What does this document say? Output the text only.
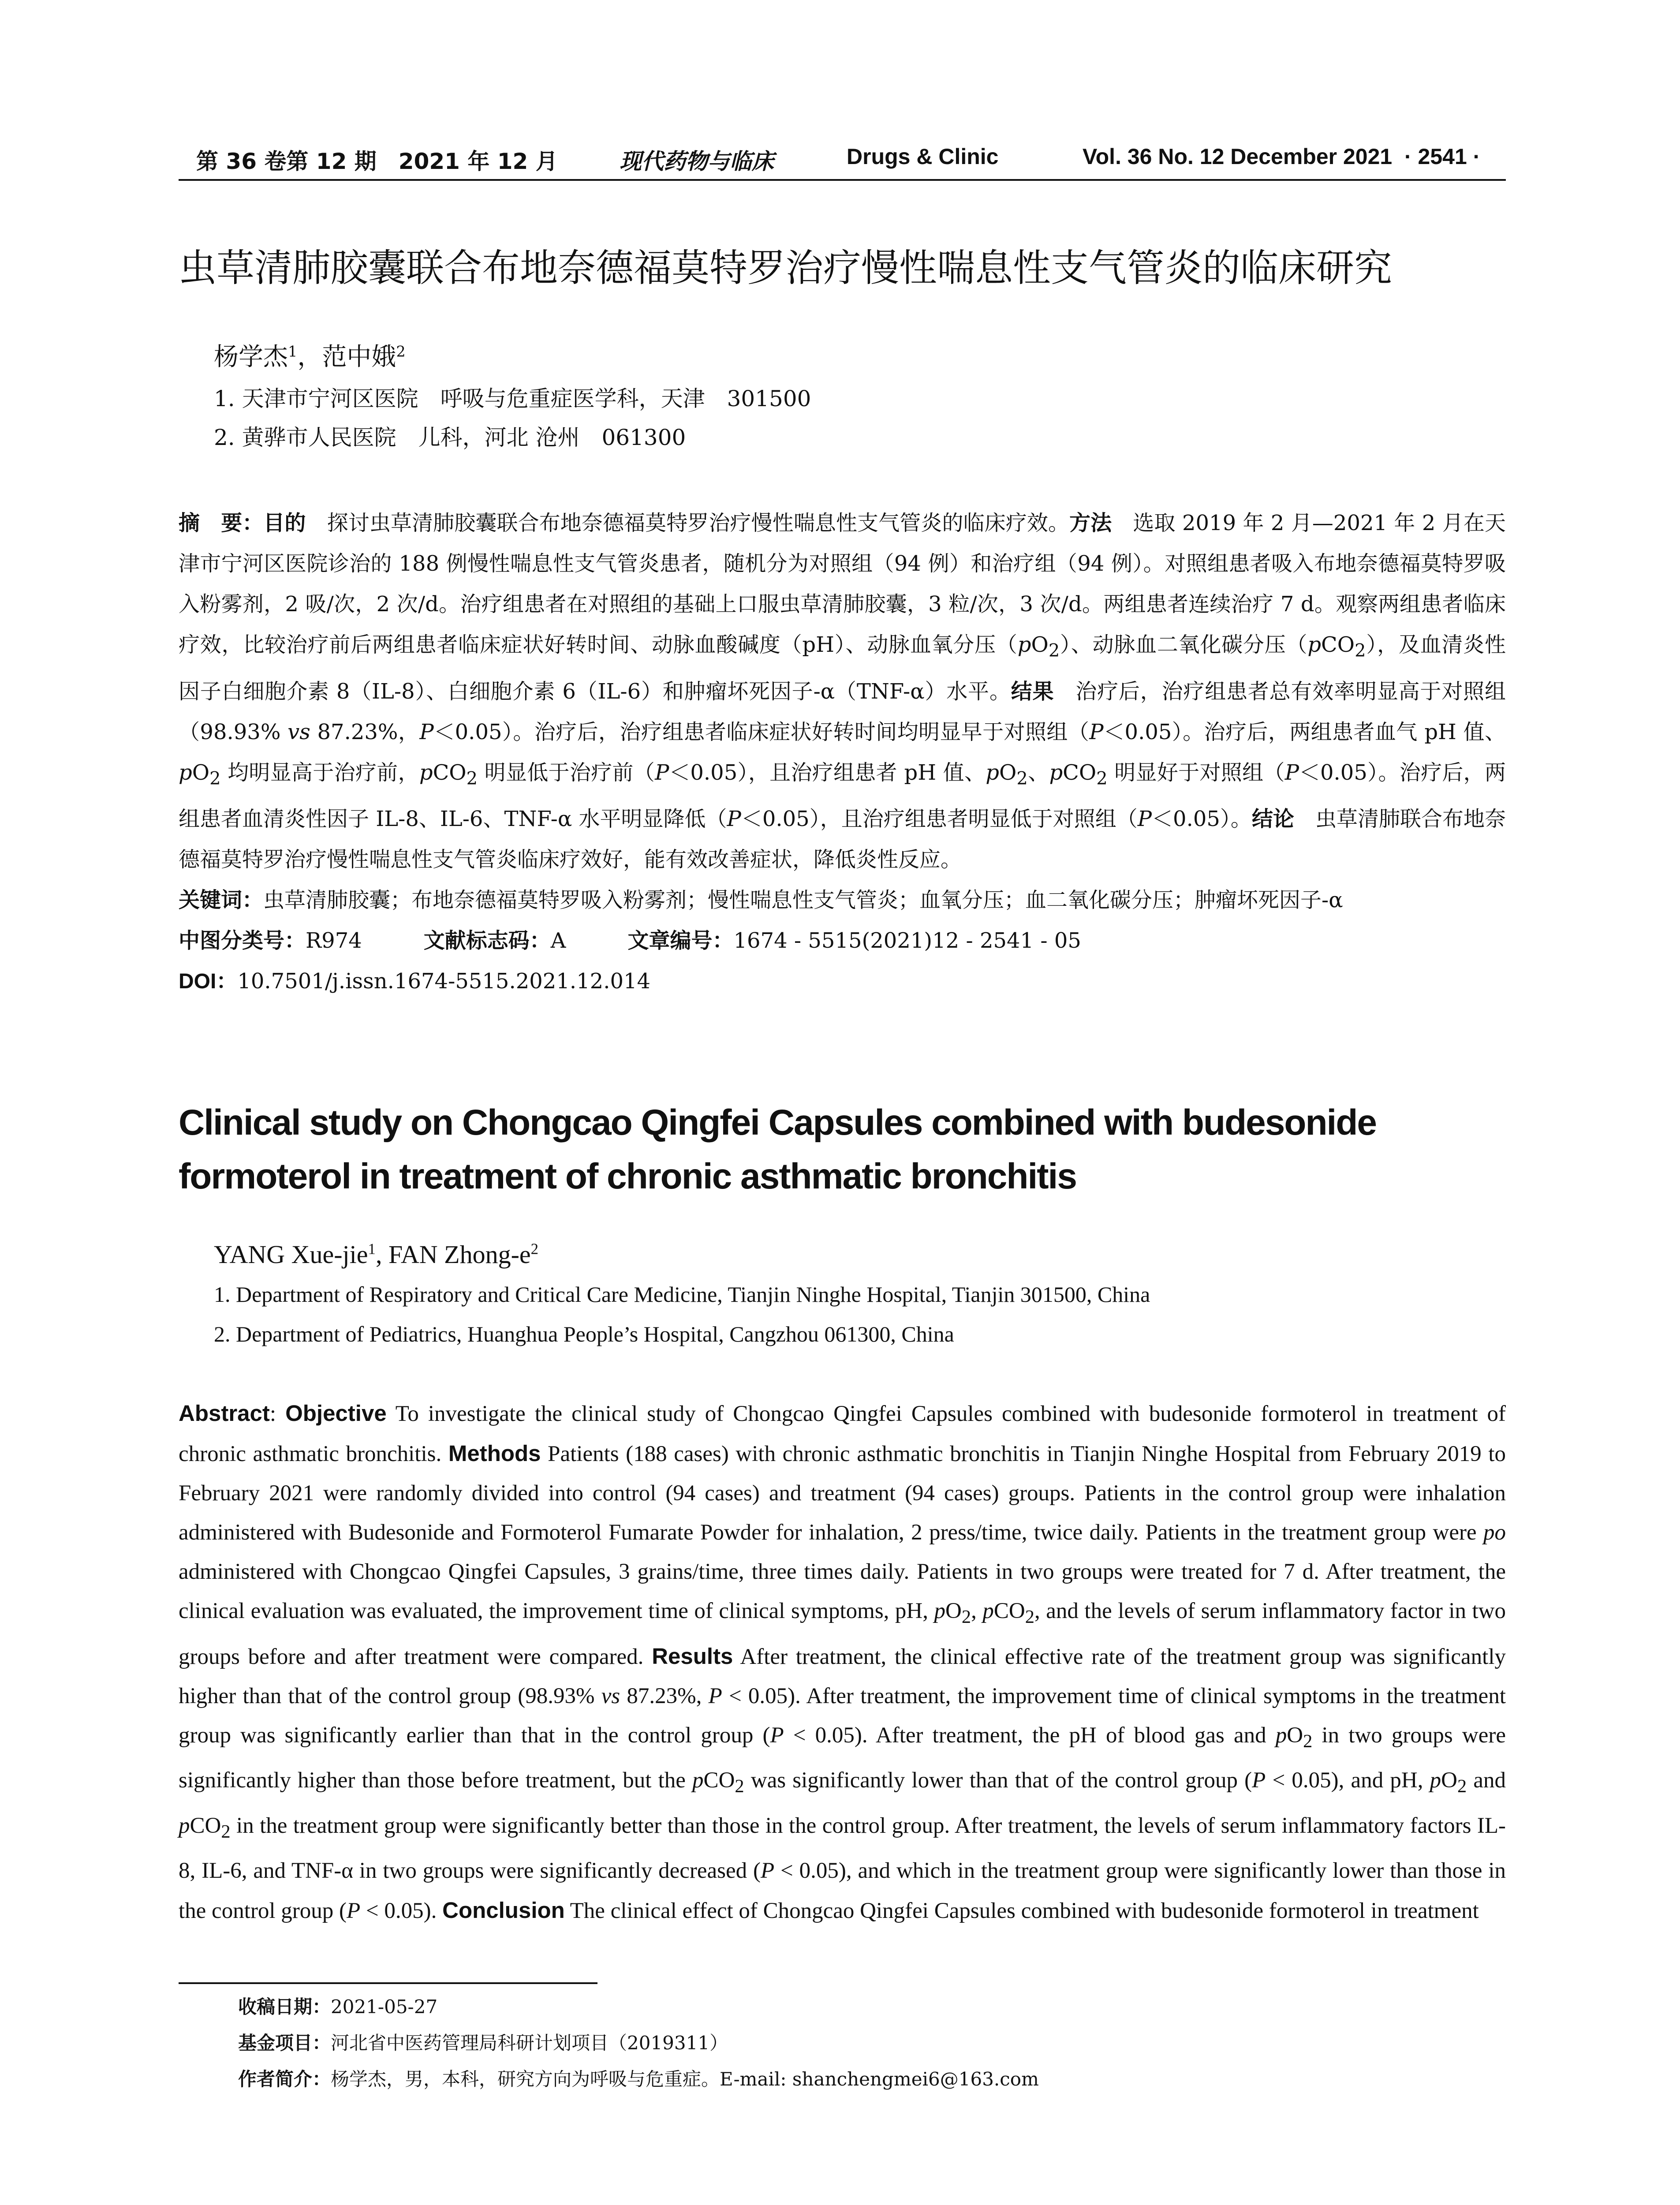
第 36 卷第 12 期　2021 年 12 月	现代药物与临床	Drugs & Clinic	Vol. 36 No. 12 December 2021 · 2541 ·
虫草清肺胶囊联合布地奈德福莫特罗治疗慢性喘息性支气管炎的临床研究
杨学杰$^1$，范中娥$^2$
1. 天津市宁河区医院　呼吸与危重症医学科，天津　301500
2. 黄骅市人民医院　儿科，河北 沧州　061300
摘　要：目的　探讨虫草清肺胶囊联合布地奈德福莫特罗治疗慢性喘息性支气管炎的临床疗效。方法　选取 2019 年 2 月—2021 年 2 月在天津市宁河区医院诊治的 188 例慢性喘息性支气管炎患者，随机分为对照组（94 例）和治疗组（94 例）。对照组患者吸入布地奈德福莫特罗吸入粉雾剂，2 吸/次，2 次/d。治疗组患者在对照组的基础上口服虫草清肺胶囊，3 粒/次，3 次/d。两组患者连续治疗 7 d。观察两组患者临床疗效，比较治疗前后两组患者临床症状好转时间、动脉血酸碱度（pH）、动脉血氧分压$(pO_2)$、动脉血二氧化碳分压（pCO$_2$），及血清炎性因子白细胞介素 8（IL-8）、白细胞介素 6（IL-6）和肿瘤坏死因子-α（TNF-α）水平。结果　治疗后，治疗组患者总有效率明显高于对照组（98.93% vs 87.23%，P＜0.05）。治疗后，治疗组患者临床症状好转时间均明显早于对照组（P＜0.05）。治疗后，两组患者血气 pH 值、$pO_2$ 均明显高于治疗前，pCO$_2$ 明显低于治疗前（P＜0.05），且治疗组患者 pH 值、$pO_2$、pCO$_2$ 明显好于对照组（P＜0.05）。治疗后，两组患者血清炎性因子 IL-8、IL-6、TNF-α 水平明显降低（P＜0.05），且治疗组患者明显低于对照组（P＜0.05）。结论　虫草清肺联合布地奈德福莫特罗治疗慢性喘息性支气管炎临床疗效好，能有效改善症状，降低炎性反应。
关键词：虫草清肺胶囊；布地奈德福莫特罗吸入粉雾剂；慢性喘息性支气管炎；血氧分压；血二氧化碳分压；肿瘤坏死因子-α
中图分类号：R974	文献标志码：A	文章编号：1674 - 5515(2021)12 - 2541 - 05
DOI：10.7501/j.issn.1674-5515.2021.12.014
Clinical study on Chongcao Qingfei Capsules combined with budesonide formoterol in treatment of chronic asthmatic bronchitis
YANG Xue-jie$^1$, FAN Zhong-$e^2$
1. Department of Respiratory and Critical Care Medicine, Tianjin Ninghe Hospital, Tianjin 301500, China
2. Department of Pediatrics, Huanghua People’s Hospital, Cangzhou 061300, China
Abstract: Objective To investigate the clinical study of Chongcao Qingfei Capsules combined with budesonide formoterol in treatment of chronic asthmatic bronchitis. Methods Patients (188 cases) with chronic asthmatic bronchitis in Tianjin Ninghe Hospital from February 2019 to February 2021 were randomly divided into control (94 cases) and treatment (94 cases) groups. Patients in the control group were inhalation administered with Budesonide and Formoterol Fumarate Powder for inhalation, 2 press/time, twice daily. Patients in the treatment group were po administered with Chongcao Qingfei Capsules, 3 grains/time, three times daily. Patients in two groups were treated for 7 d. After treatment, the clinical evaluation was evaluated, the improvement time of clinical symptoms, pH, $pO_2$, pCO$_2$, and the levels of serum inflammatory factor in two groups before and after treatment were compared. Results After treatment, the clinical effective rate of the treatment group was significantly higher than that of the control group (98.93% vs 87.23%, P < 0.05). After treatment, the improvement time of clinical symptoms in the treatment group was significantly earlier than that in the control group (P < 0.05). After treatment, the pH of blood gas and $pO_2$ in two groups were significantly higher than those before treatment, but the pCO$_2$ was significantly lower than that of the control group (P < 0.05), and pH, $pO_2$ and pCO$_2$ in the treatment group were significantly better than those in the control group. After treatment, the levels of serum inflammatory factors IL-8, IL-6, and TNF-α in two groups were significantly decreased (P < 0.05), and which in the treatment group were significantly lower than those in the control group (P < 0.05). Conclusion The clinical effect of Chongcao Qingfei Capsules combined with budesonide formoterol in treatment
收稿日期：2021-05-27
基金项目：河北省中医药管理局科研计划项目（2019311）
作者简介：杨学杰，男，本科，研究方向为呼吸与危重症。E-mail: shanchengmei6@163.com
